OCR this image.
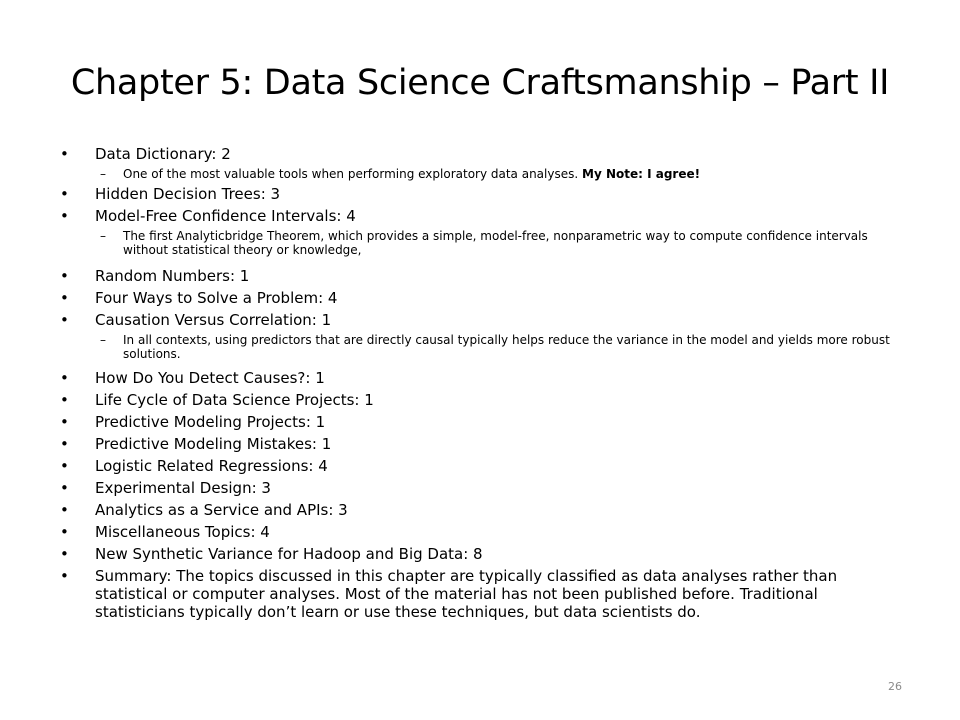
Chapter 5: Data Science Craftsmanship – Part II
• Data Dictionary: 2
– One of the most valuable tools when performing exploratory data analyses. My Note: I agree!
• Hidden Decision Trees: 3
• Model-Free Confidence Intervals: 4
– The first Analyticbridge Theorem, which provides a simple, model-free, nonparametric way to compute confidence intervals without statistical theory or knowledge,
• Random Numbers: 1
• Four Ways to Solve a Problem: 4
• Causation Versus Correlation: 1
– In all contexts, using predictors that are directly causal typically helps reduce the variance in the model and yields more robust solutions.
• How Do You Detect Causes?: 1
• Life Cycle of Data Science Projects: 1
• Predictive Modeling Projects: 1
• Predictive Modeling Mistakes: 1
• Logistic Related Regressions: 4
• Experimental Design: 3
• Analytics as a Service and APIs: 3
• Miscellaneous Topics: 4
• New Synthetic Variance for Hadoop and Big Data: 8
• Summary: The topics discussed in this chapter are typically classified as data analyses rather than statistical or computer analyses. Most of the material has not been published before. Traditional statisticians typically don’t learn or use these techniques, but data scientists do.
26
